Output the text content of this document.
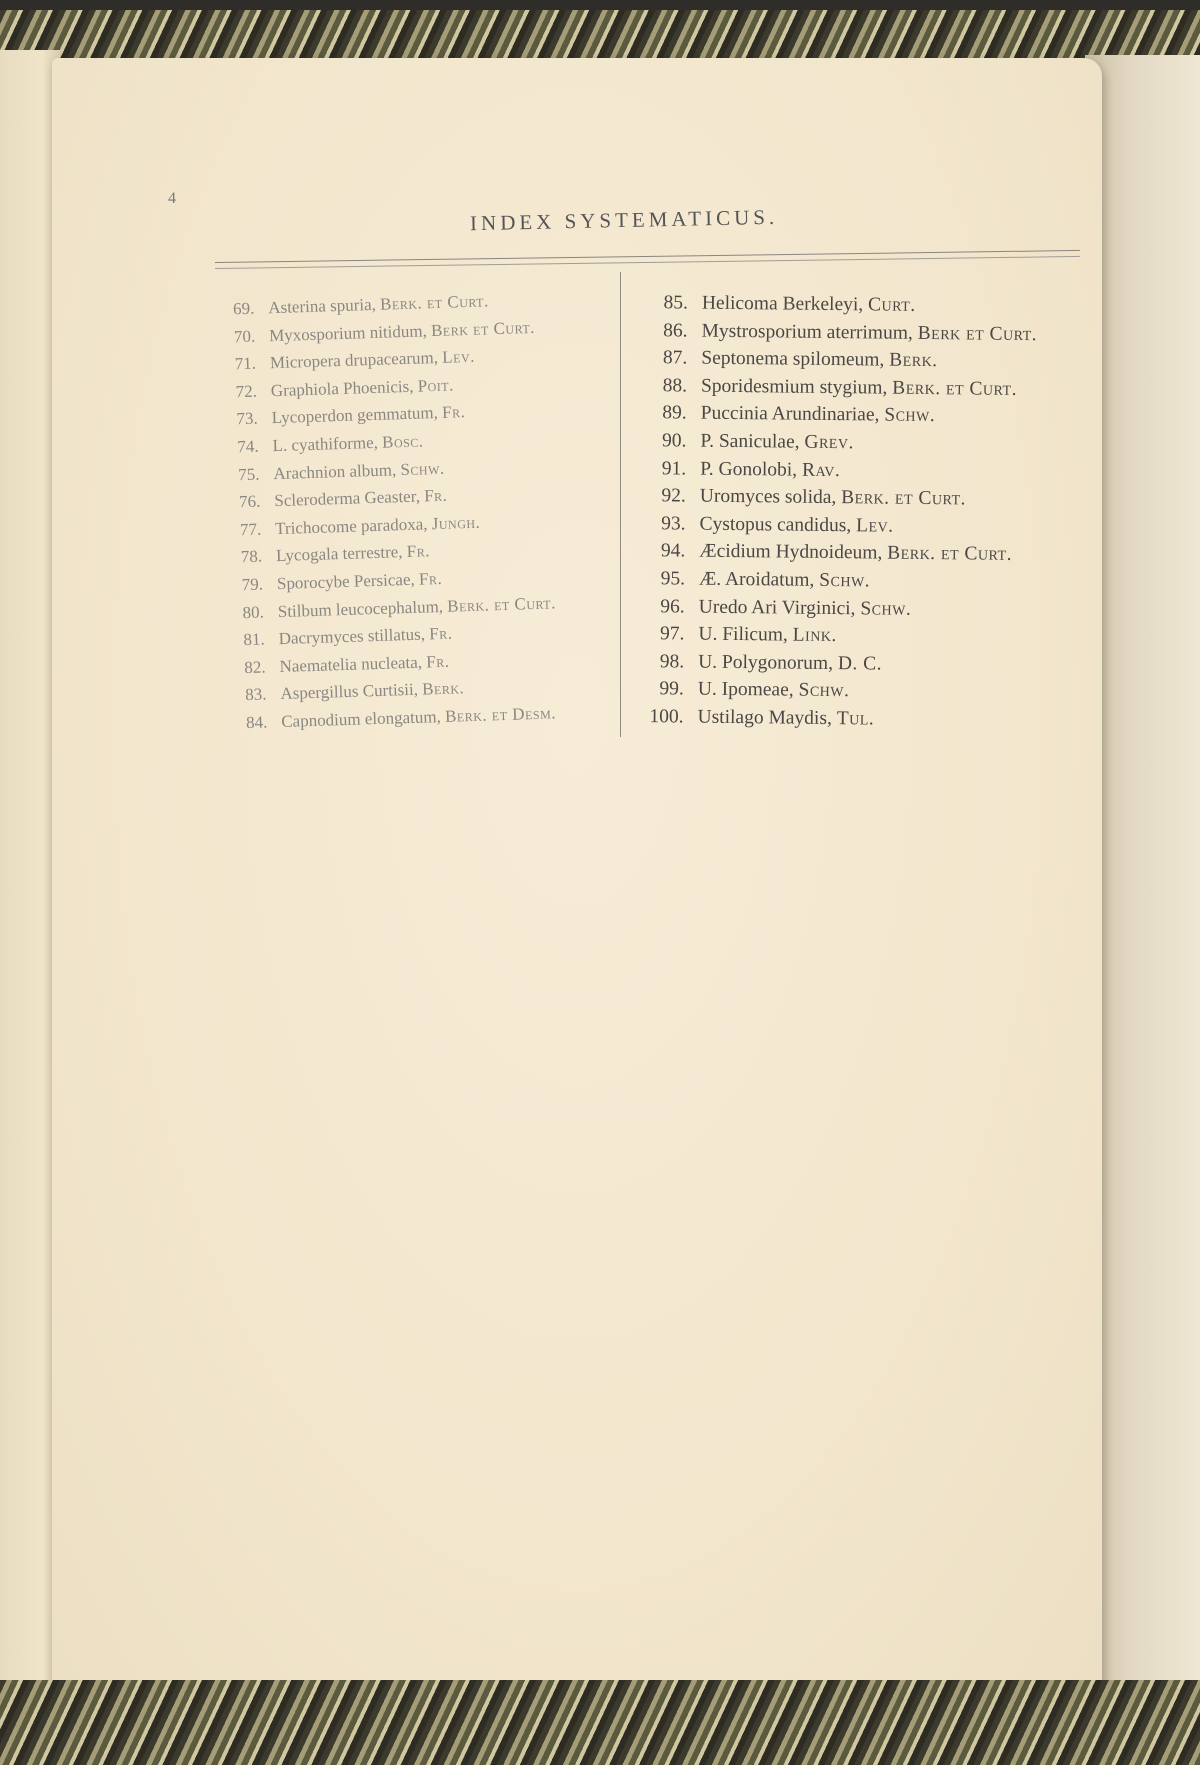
4
INDEX SYSTEMATICUS.
69. Asterina spuria,
Berk. et Curt.
70. Myxosporium nitidum,
Berk et Curt.
71. Micropera drupacearum,
Lev.
72. Graphiola Phoenicis,
Poit.
73. Lycoperdon gemmatum,
Fr.
74. L. cyathiforme,
Bosc.
75. Arachnion album,
Schw.
76. Scleroderma Geaster,
Fr.
77. Trichocome paradoxa,
Jungh.
78. Lycogala terrestre,
Fr.
79. Sporocybe Persicae,
Fr.
80. Stilbum leucocephalum,
Berk. et Curt.
81. Dacrymyces stillatus,
Fr.
82. Naematelia nucleata,
Fr.
83. Aspergillus Curtisii,
Berk.
84. Capnodium elongatum,
Berk. et Desm.
85. Helicoma Berkeleyi,
Curt.
86. Mystrosporium aterrimum,
Berk et Curt.
87. Septonema spilomeum,
Berk.
88. Sporidesmium stygium,
Berk. et Curt.
89. Puccinia Arundinariae,
Schw.
90. P. Saniculae,
Grev.
91. P. Gonolobi,
Rav.
92. Uromyces solida,
Berk. et Curt.
93. Cystopus candidus,
Lev.
94. Æcidium Hydnoideum,
Berk. et Curt.
95. Æ. Aroidatum,
Schw.
96. Uredo Ari Virginici,
Schw.
97. U. Filicum,
Link.
98. U. Polygonorum,
D. C.
99. U. Ipomeae,
Schw.
100. Ustilago Maydis,
Tul.
